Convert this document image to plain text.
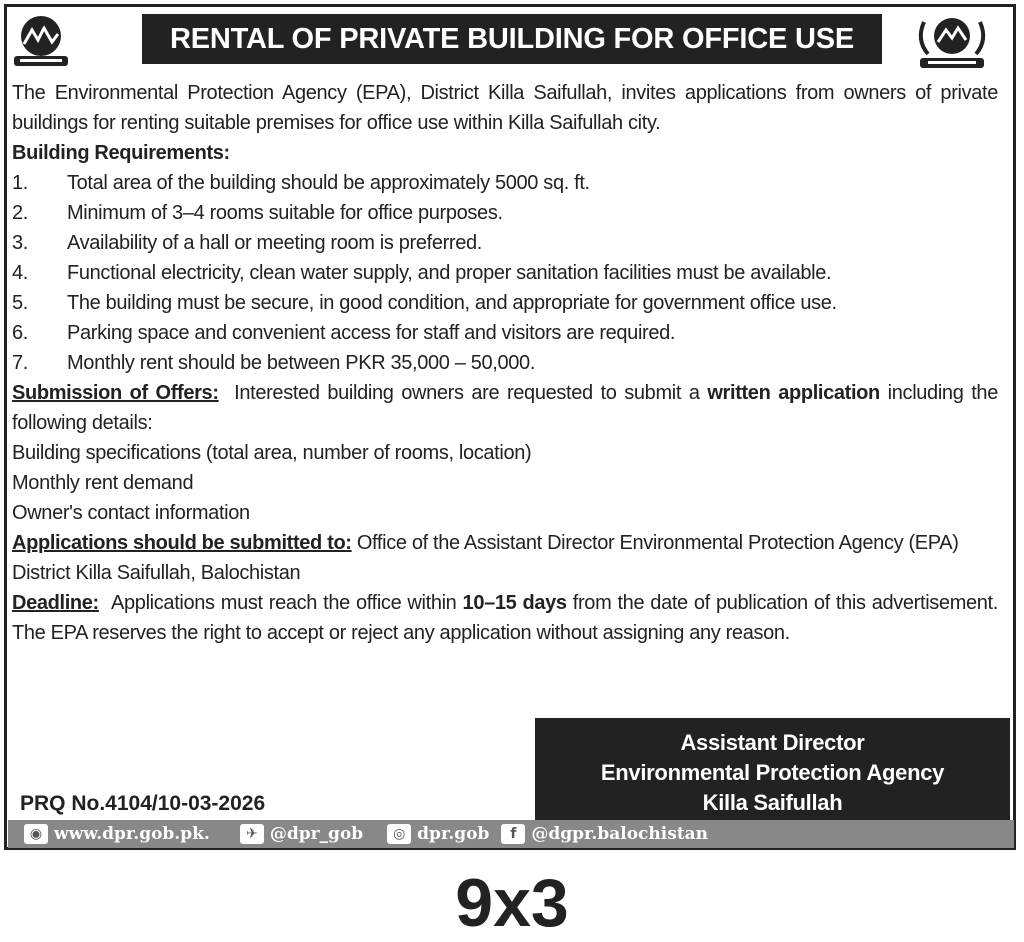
RENTAL OF PRIVATE BUILDING FOR OFFICE USE

The Environmental Protection Agency (EPA), District Killa Saifullah, invites applications from owners of private buildings for renting suitable premises for office use within Killa Saifullah city.

Building Requirements:

1.	Total area of the building should be approximately 5000 sq. ft.
2.	Minimum of 3–4 rooms suitable for office purposes.
3.	Availability of a hall or meeting room is preferred.
4.	Functional electricity, clean water supply, and proper sanitation facilities must be available.
5.	The building must be secure, in good condition, and appropriate for government office use.
6.	Parking space and convenient access for staff and visitors are required.
7.	Monthly rent should be between PKR 35,000 – 50,000.

Submission of Offers: Interested building owners are requested to submit a written application including the following details:

Building specifications (total area, number of rooms, location)

Monthly rent demand

Owner's contact information

Applications should be submitted to: Office of the Assistant Director Environmental Protection Agency (EPA) District Killa Saifullah, Balochistan

Deadline: Applications must reach the office within 10–15 days from the date of publication of this advertisement. The EPA reserves the right to accept or reject any application without assigning any reason.

Assistant Director
Environmental Protection Agency
Killa Saifullah
PRQ No.4104/10-03-2026
◉ www.dpr.gob.pk.	✈ @dpr_gob	◎ dpr.gob	f @dgpr.balochistan
9x3
